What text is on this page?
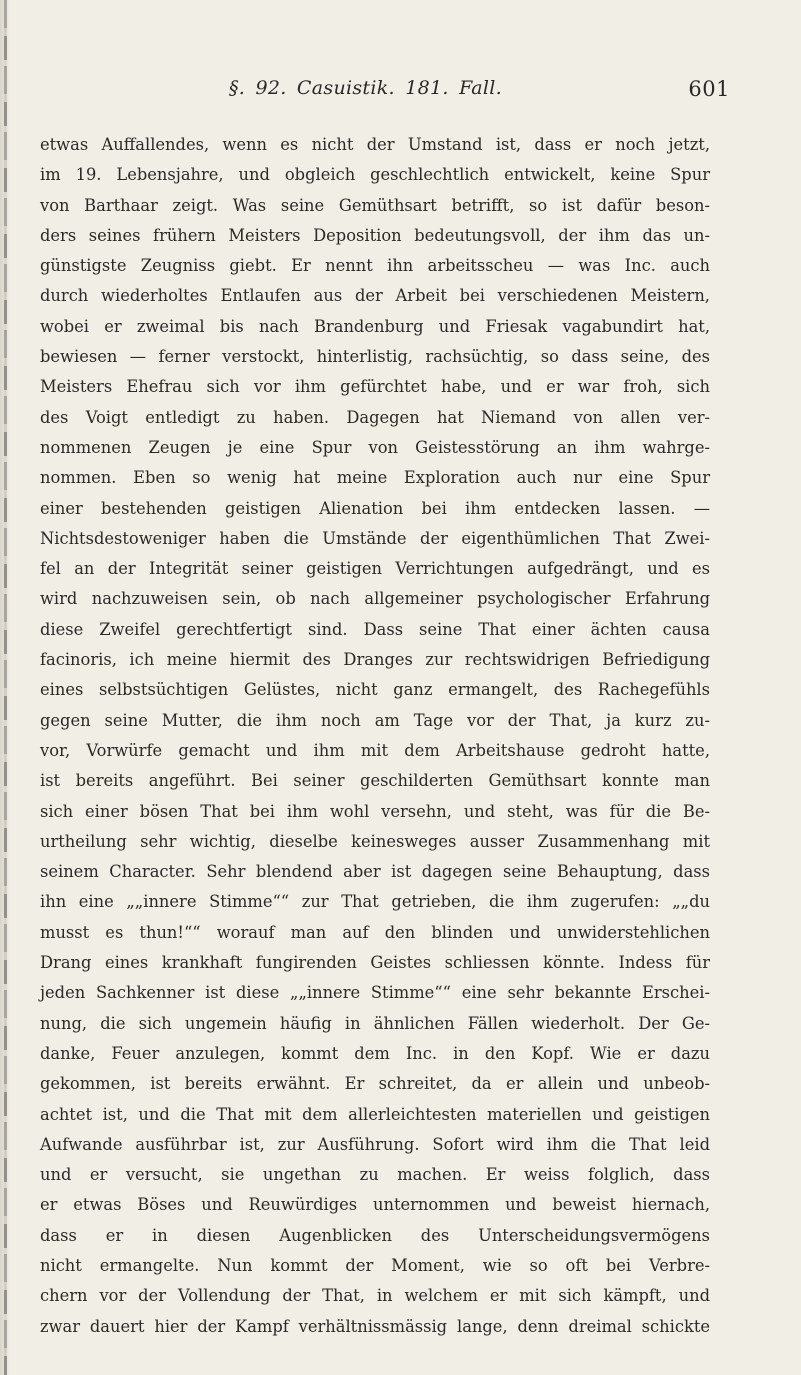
§. 92. Casuistik. 181. Fall.	601
etwas Auffallendes, wenn es nicht der Umstand ist, dass er noch jetzt,
im 19. Lebensjahre, und obgleich geschlechtlich entwickelt, keine Spur
von Barthaar zeigt. Was seine Gemüthsart betrifft, so ist dafür beson-
ders seines frühern Meisters Deposition bedeutungsvoll, der ihm das un-
günstigste Zeugniss giebt. Er nennt ihn arbeitsscheu — was Inc. auch
durch wiederholtes Entlaufen aus der Arbeit bei verschiedenen Meistern,
wobei er zweimal bis nach Brandenburg und Friesak vagabundirt hat,
bewiesen — ferner verstockt, hinterlistig, rachsüchtig, so dass seine, des
Meisters Ehefrau sich vor ihm gefürchtet habe, und er war froh, sich
des Voigt entledigt zu haben. Dagegen hat Niemand von allen ver-
nommenen Zeugen je eine Spur von Geistesstörung an ihm wahrge-
nommen. Eben so wenig hat meine Exploration auch nur eine Spur
einer bestehenden geistigen Alienation bei ihm entdecken lassen. —
Nichtsdestoweniger haben die Umstände der eigenthümlichen That Zwei-
fel an der Integrität seiner geistigen Verrichtungen aufgedrängt, und es
wird nachzuweisen sein, ob nach allgemeiner psychologischer Erfahrung
diese Zweifel gerechtfertigt sind. Dass seine That einer ächten causa
facinoris, ich meine hiermit des Dranges zur rechtswidrigen Befriedigung
eines selbstsüchtigen Gelüstes, nicht ganz ermangelt, des Rachegefühls
gegen seine Mutter, die ihm noch am Tage vor der That, ja kurz zu-
vor, Vorwürfe gemacht und ihm mit dem Arbeitshause gedroht hatte,
ist bereits angeführt. Bei seiner geschilderten Gemüthsart konnte man
sich einer bösen That bei ihm wohl versehn, und steht, was für die Be-
urtheilung sehr wichtig, dieselbe keinesweges ausser Zusammenhang mit
seinem Character. Sehr blendend aber ist dagegen seine Behauptung, dass
ihn eine „„innere Stimme““ zur That getrieben, die ihm zugerufen: „„du
musst es thun!““ worauf man auf den blinden und unwiderstehlichen
Drang eines krankhaft fungirenden Geistes schliessen könnte. Indess für
jeden Sachkenner ist diese „„innere Stimme““ eine sehr bekannte Erschei-
nung, die sich ungemein häufig in ähnlichen Fällen wiederholt. Der Ge-
danke, Feuer anzulegen, kommt dem Inc. in den Kopf. Wie er dazu
gekommen, ist bereits erwähnt. Er schreitet, da er allein und unbeob-
achtet ist, und die That mit dem allerleichtesten materiellen und geistigen
Aufwande ausführbar ist, zur Ausführung. Sofort wird ihm die That leid
und er versucht, sie ungethan zu machen. Er weiss folglich, dass
er etwas Böses und Reuwürdiges unternommen und beweist hiernach,
dass er in diesen Augenblicken des Unterscheidungsvermögens
nicht ermangelte. Nun kommt der Moment, wie so oft bei Verbre-
chern vor der Vollendung der That, in welchem er mit sich kämpft, und
zwar dauert hier der Kampf verhältnissmässig lange, denn dreimal schickte
